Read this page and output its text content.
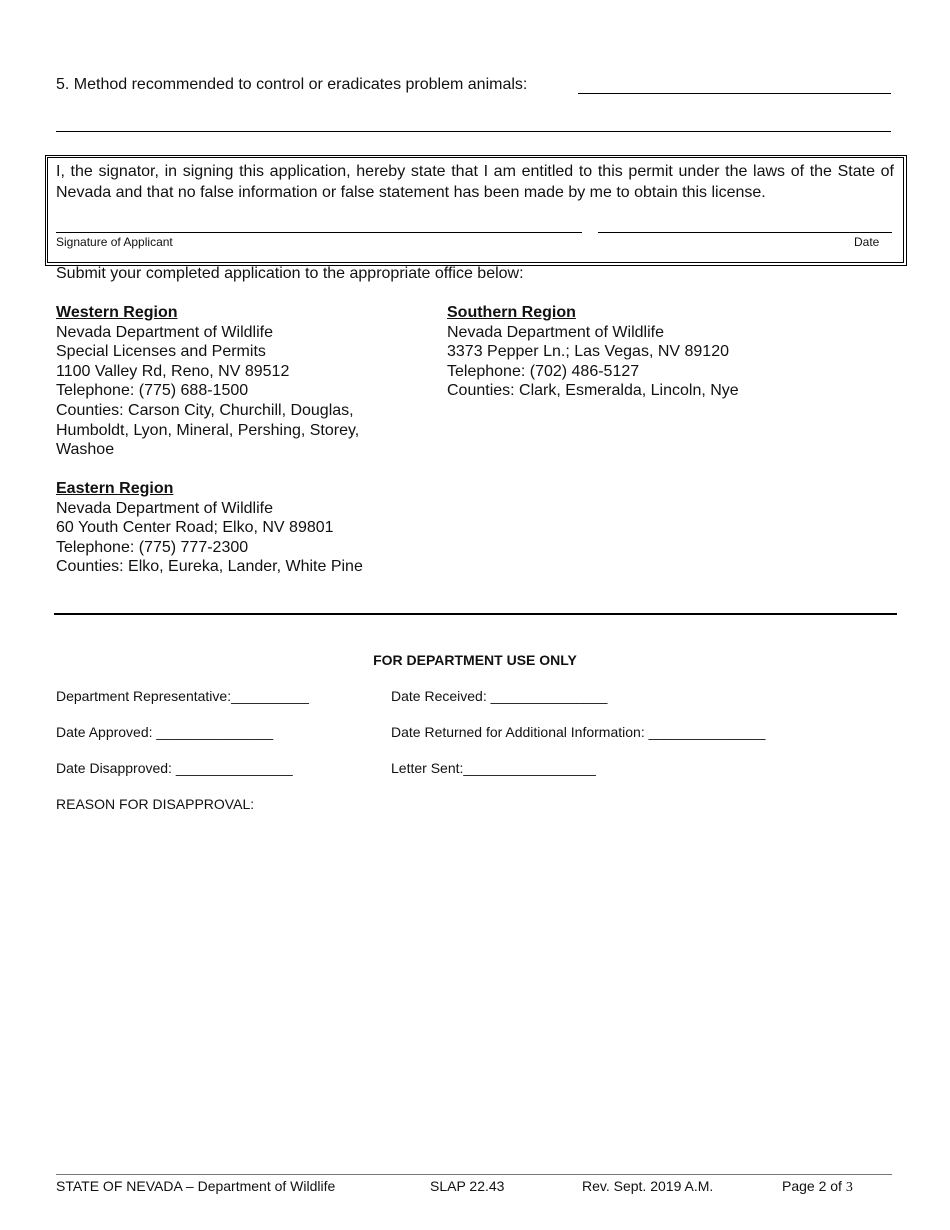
5. Method recommended to control or eradicates problem animals:
I, the signator, in signing this application, hereby state that I am entitled to this permit under the laws of the State of Nevada and that no false information or false statement has been made by me to obtain this license.
Signature of Applicant	Date
Submit your completed application to the appropriate office below:
Western Region
Nevada Department of Wildlife
Special Licenses and Permits
1100 Valley Rd, Reno, NV 89512
Telephone: (775) 688-1500
Counties: Carson City, Churchill, Douglas, Humboldt, Lyon, Mineral, Pershing, Storey, Washoe
Southern Region
Nevada Department of Wildlife
3373 Pepper Ln.; Las Vegas, NV 89120
Telephone: (702) 486-5127
Counties: Clark, Esmeralda, Lincoln, Nye
Eastern Region
Nevada Department of Wildlife
60 Youth Center Road; Elko, NV 89801
Telephone: (775) 777-2300
Counties: Elko, Eureka, Lander, White Pine
FOR DEPARTMENT USE ONLY
Department Representative:__________	Date Received: _______________
Date Approved: _______________	Date Returned for Additional Information: _______________
Date Disapproved: _______________	Letter Sent:_________________
REASON FOR DISAPPROVAL:
STATE OF NEVADA – Department of Wildlife	SLAP 22.43	Rev. Sept. 2019 A.M.	Page 2 of 3
